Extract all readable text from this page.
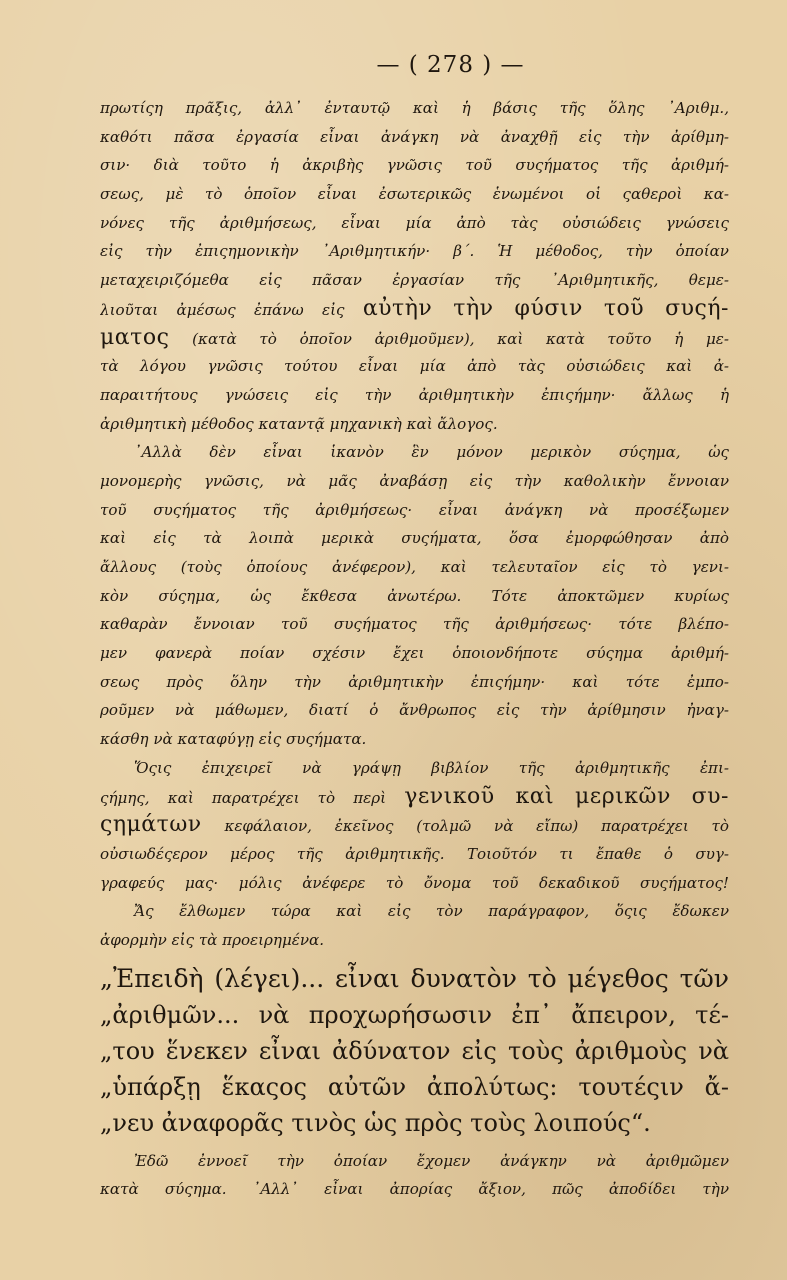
— ( 278 ) —
πρωτίςη πρᾶξις, ἀλλ᾽ ἐνταυτῷ καὶ ἡ βάσις τῆς ὅλης ᾽Αριθμ.,
καθότι πᾶσα ἐργασία εἶναι ἀνάγκη νὰ ἀναχθῇ εἰς τὴν ἀρίθμη-
σιν· διὰ τοῦτο ἡ ἀκριβὴς γνῶσις τοῦ συςήματος τῆς ἀριθμή-
σεως, μὲ τὸ ὁποῖον εἶναι ἐσωτερικῶς ἑνωμένοι οἱ ςαθεροὶ κα-
νόνες τῆς ἀριθμήσεως, εἶναι μία ἀπὸ τὰς οὐσιώδεις γνώσεις
εἰς τὴν ἐπιςημονικὴν ᾽Αριθμητικήν· β΄. Ἡ μέθοδος, τὴν ὁποίαν
μεταχειριζόμεθα εἰς πᾶσαν ἐργασίαν τῆς ᾽Αριθμητικῆς, θεμε-
λιοῦται ἀμέσως ἐπάνω εἰς αὐτὴν τὴν φύσιν τοῦ συςή-
ματος (κατὰ τὸ ὁποῖον ἀριθμοῦμεν), καὶ κατὰ τοῦτο ἡ με-
τὰ λόγου γνῶσις τούτου εἶναι μία ἀπὸ τὰς οὐσιώδεις καὶ ἀ-
παραιτήτους γνώσεις εἰς τὴν ἀριθμητικὴν ἐπιςήμην· ἄλλως ἡ
ἀριθμητικὴ μέθοδος καταντᾷ μηχανικὴ καὶ ἄλογος.
᾽Αλλὰ δὲν εἶναι ἱκανὸν ἓν μόνον μερικὸν σύςημα, ὡς
μονομερὴς γνῶσις, νὰ μᾶς ἀναβάσῃ εἰς τὴν καθολικὴν ἔννοιαν
τοῦ συςήματος τῆς ἀριθμήσεως· εἶναι ἀνάγκη νὰ προσέξωμεν
καὶ εἰς τὰ λοιπὰ μερικὰ συςήματα, ὅσα ἐμορφώθησαν ἀπὸ
ἄλλους (τοὺς ὁποίους ἀνέφερον), καὶ τελευταῖον εἰς τὸ γενι-
κὸν σύςημα, ὡς ἔκθεσα ἀνωτέρω. Τότε ἀποκτῶμεν κυρίως
καθαρὰν ἔννοιαν τοῦ συςήματος τῆς ἀριθμήσεως· τότε βλέπο-
μεν φανερὰ ποίαν σχέσιν ἔχει ὁποιονδήποτε σύςημα ἀριθμή-
σεως πρὸς ὅλην τὴν ἀριθμητικὴν ἐπιςήμην· καὶ τότε ἐμπο-
ροῦμεν νὰ μάθωμεν, διατί ὁ ἄνθρωπος εἰς τὴν ἀρίθμησιν ἠναγ-
κάσθη νὰ καταφύγῃ εἰς συςήματα.
Ὅςις ἐπιχειρεῖ νὰ γράψῃ βιβλίον τῆς ἀριθμητικῆς ἐπι-
ςήμης, καὶ παρατρέχει τὸ περὶ γενικοῦ καὶ μερικῶν συ-
ςημάτων κεφάλαιον, ἐκεῖνος (τολμῶ νὰ εἴπω) παρατρέχει τὸ
οὐσιωδέςερον μέρος τῆς ἀριθμητικῆς. Τοιοῦτόν τι ἔπαθε ὁ συγ-
γραφεύς μας· μόλις ἀνέφερε τὸ ὄνομα τοῦ δεκαδικοῦ συςήματος!
Ἄς ἔλθωμεν τώρα καὶ εἰς τὸν παράγραφον, ὅςις ἔδωκεν
ἀφορμὴν εἰς τὰ προειρημένα.
„Ἐπειδὴ (λέγει)... εἶναι δυνατὸν τὸ μέγεθος τῶν
„ἀριθμῶν... νὰ προχωρήσωσιν ἐπ᾽ ἄπειρον, τέ-
„του ἕνεκεν εἶναι ἀδύνατον εἰς τοὺς ἀριθμοὺς νὰ
„ὑπάρξῃ ἕκαςος αὐτῶν ἀπολύτως: τουτέςιν ἄ-
„νευ ἀναφορᾶς τινὸς ὡς πρὸς τοὺς λοιπούς“.
Ἐδῶ ἐννοεῖ τὴν ὁποίαν ἔχομεν ἀνάγκην νὰ ἀριθμῶμεν
κατὰ σύςημα. ᾽Αλλ᾽ εἶναι ἀπορίας ἄξιον, πῶς ἀποδίδει τὴν
